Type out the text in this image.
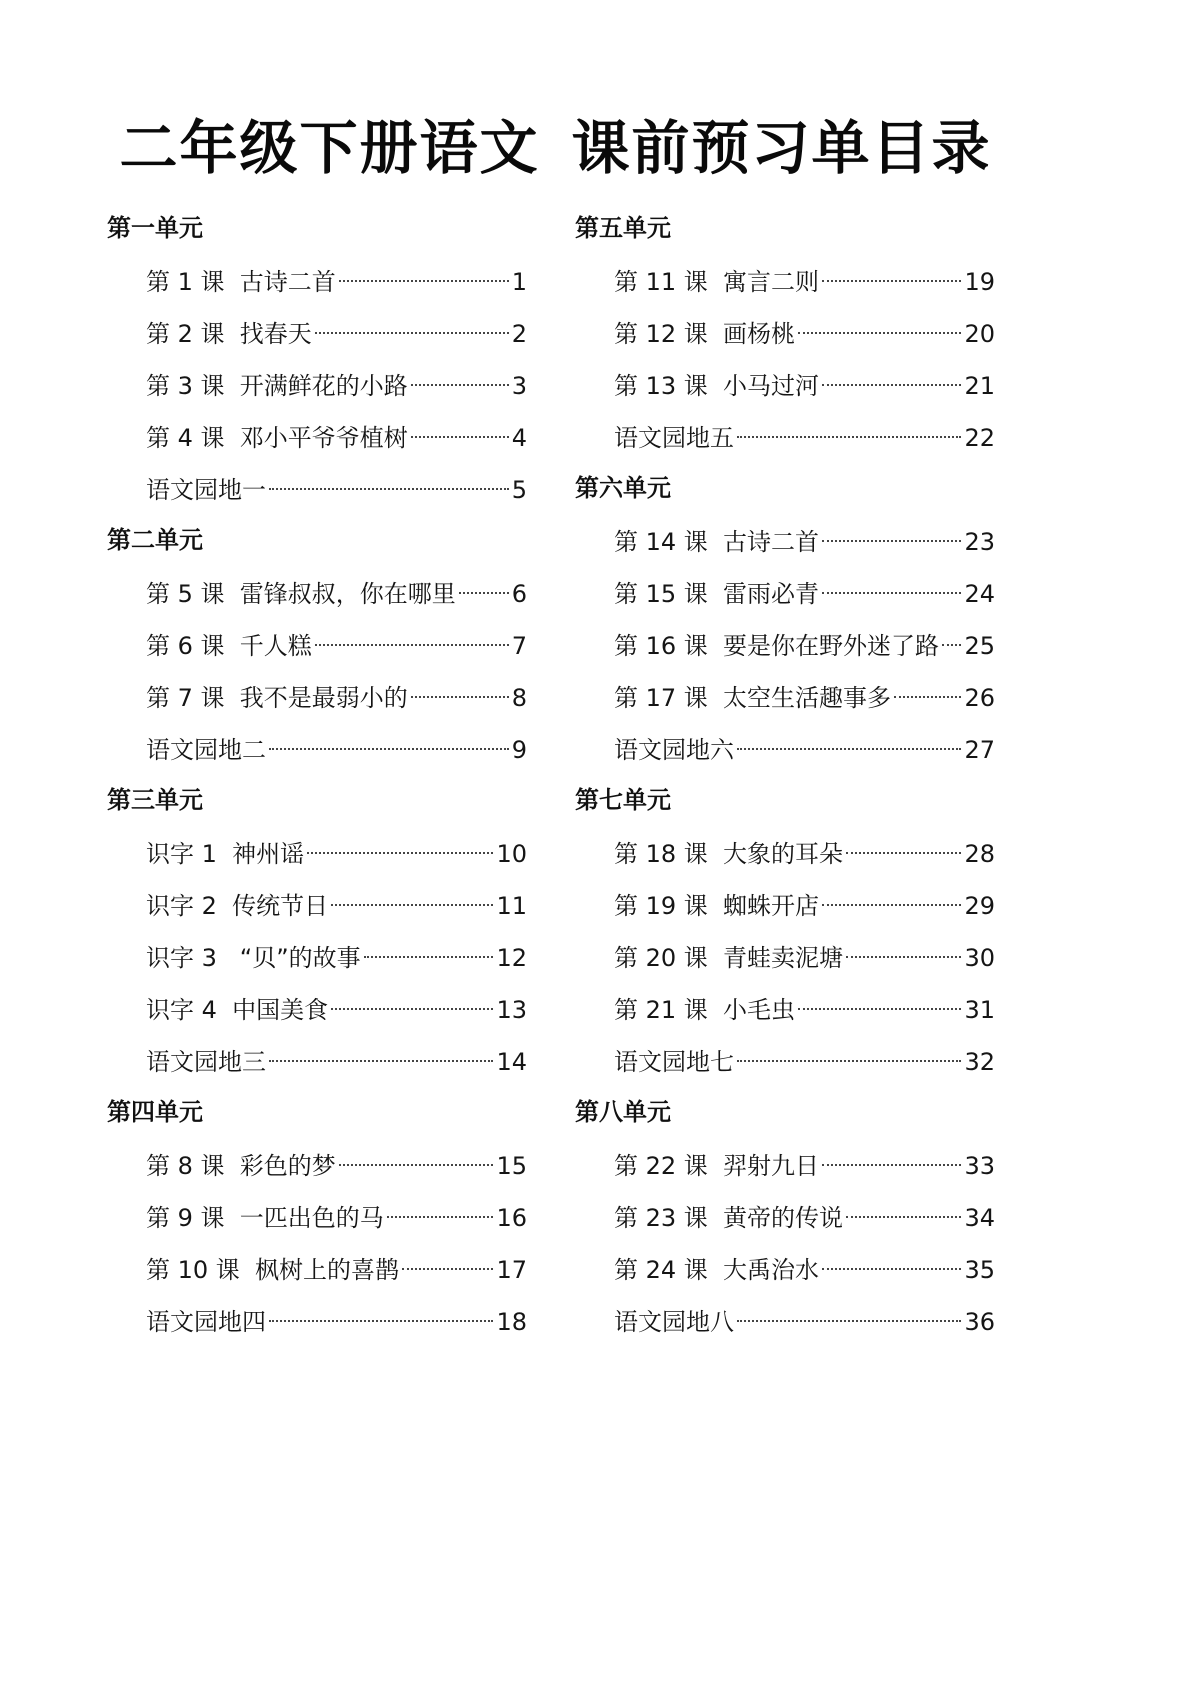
二年级下册语文 课前预习单目录
第一单元
第 1 课  古诗二首	1
第 2 课  找春天	2
第 3 课  开满鲜花的小路	3
第 4 课  邓小平爷爷植树	4
语文园地一	5
第二单元
第 5 课  雷锋叔叔，你在哪里 6
第 6 课  千人糕	7
第 7 课  我不是最弱小的	8
语文园地二	9
第三单元
识字 1  神州谣	10
识字 2  传统节日	11
识字 3   “贝”的故事	12
识字 4  中国美食	13
语文园地三	14
第四单元
第 8 课  彩色的梦	15
第 9 课  一匹出色的马	16
第 10 课  枫树上的喜鹊	17
语文园地四	18
第五单元
第 11 课  寓言二则	19
第 12 课  画杨桃	20
第 13 课  小马过河	21
语文园地五	22
第六单元
第 14 课  古诗二首	23
第 15 课  雷雨必青	24
第 16 课  要是你在野外迷了路 25
第 17 课  太空生活趣事多	26
语文园地六	27
第七单元
第 18 课  大象的耳朵	28
第 19 课  蜘蛛开店	29
第 20 课  青蛙卖泥塘	30
第 21 课  小毛虫	31
语文园地七	32
第八单元
第 22 课  羿射九日	33
第 23 课  黄帝的传说	34
第 24 课  大禹治水	35
语文园地八	36
